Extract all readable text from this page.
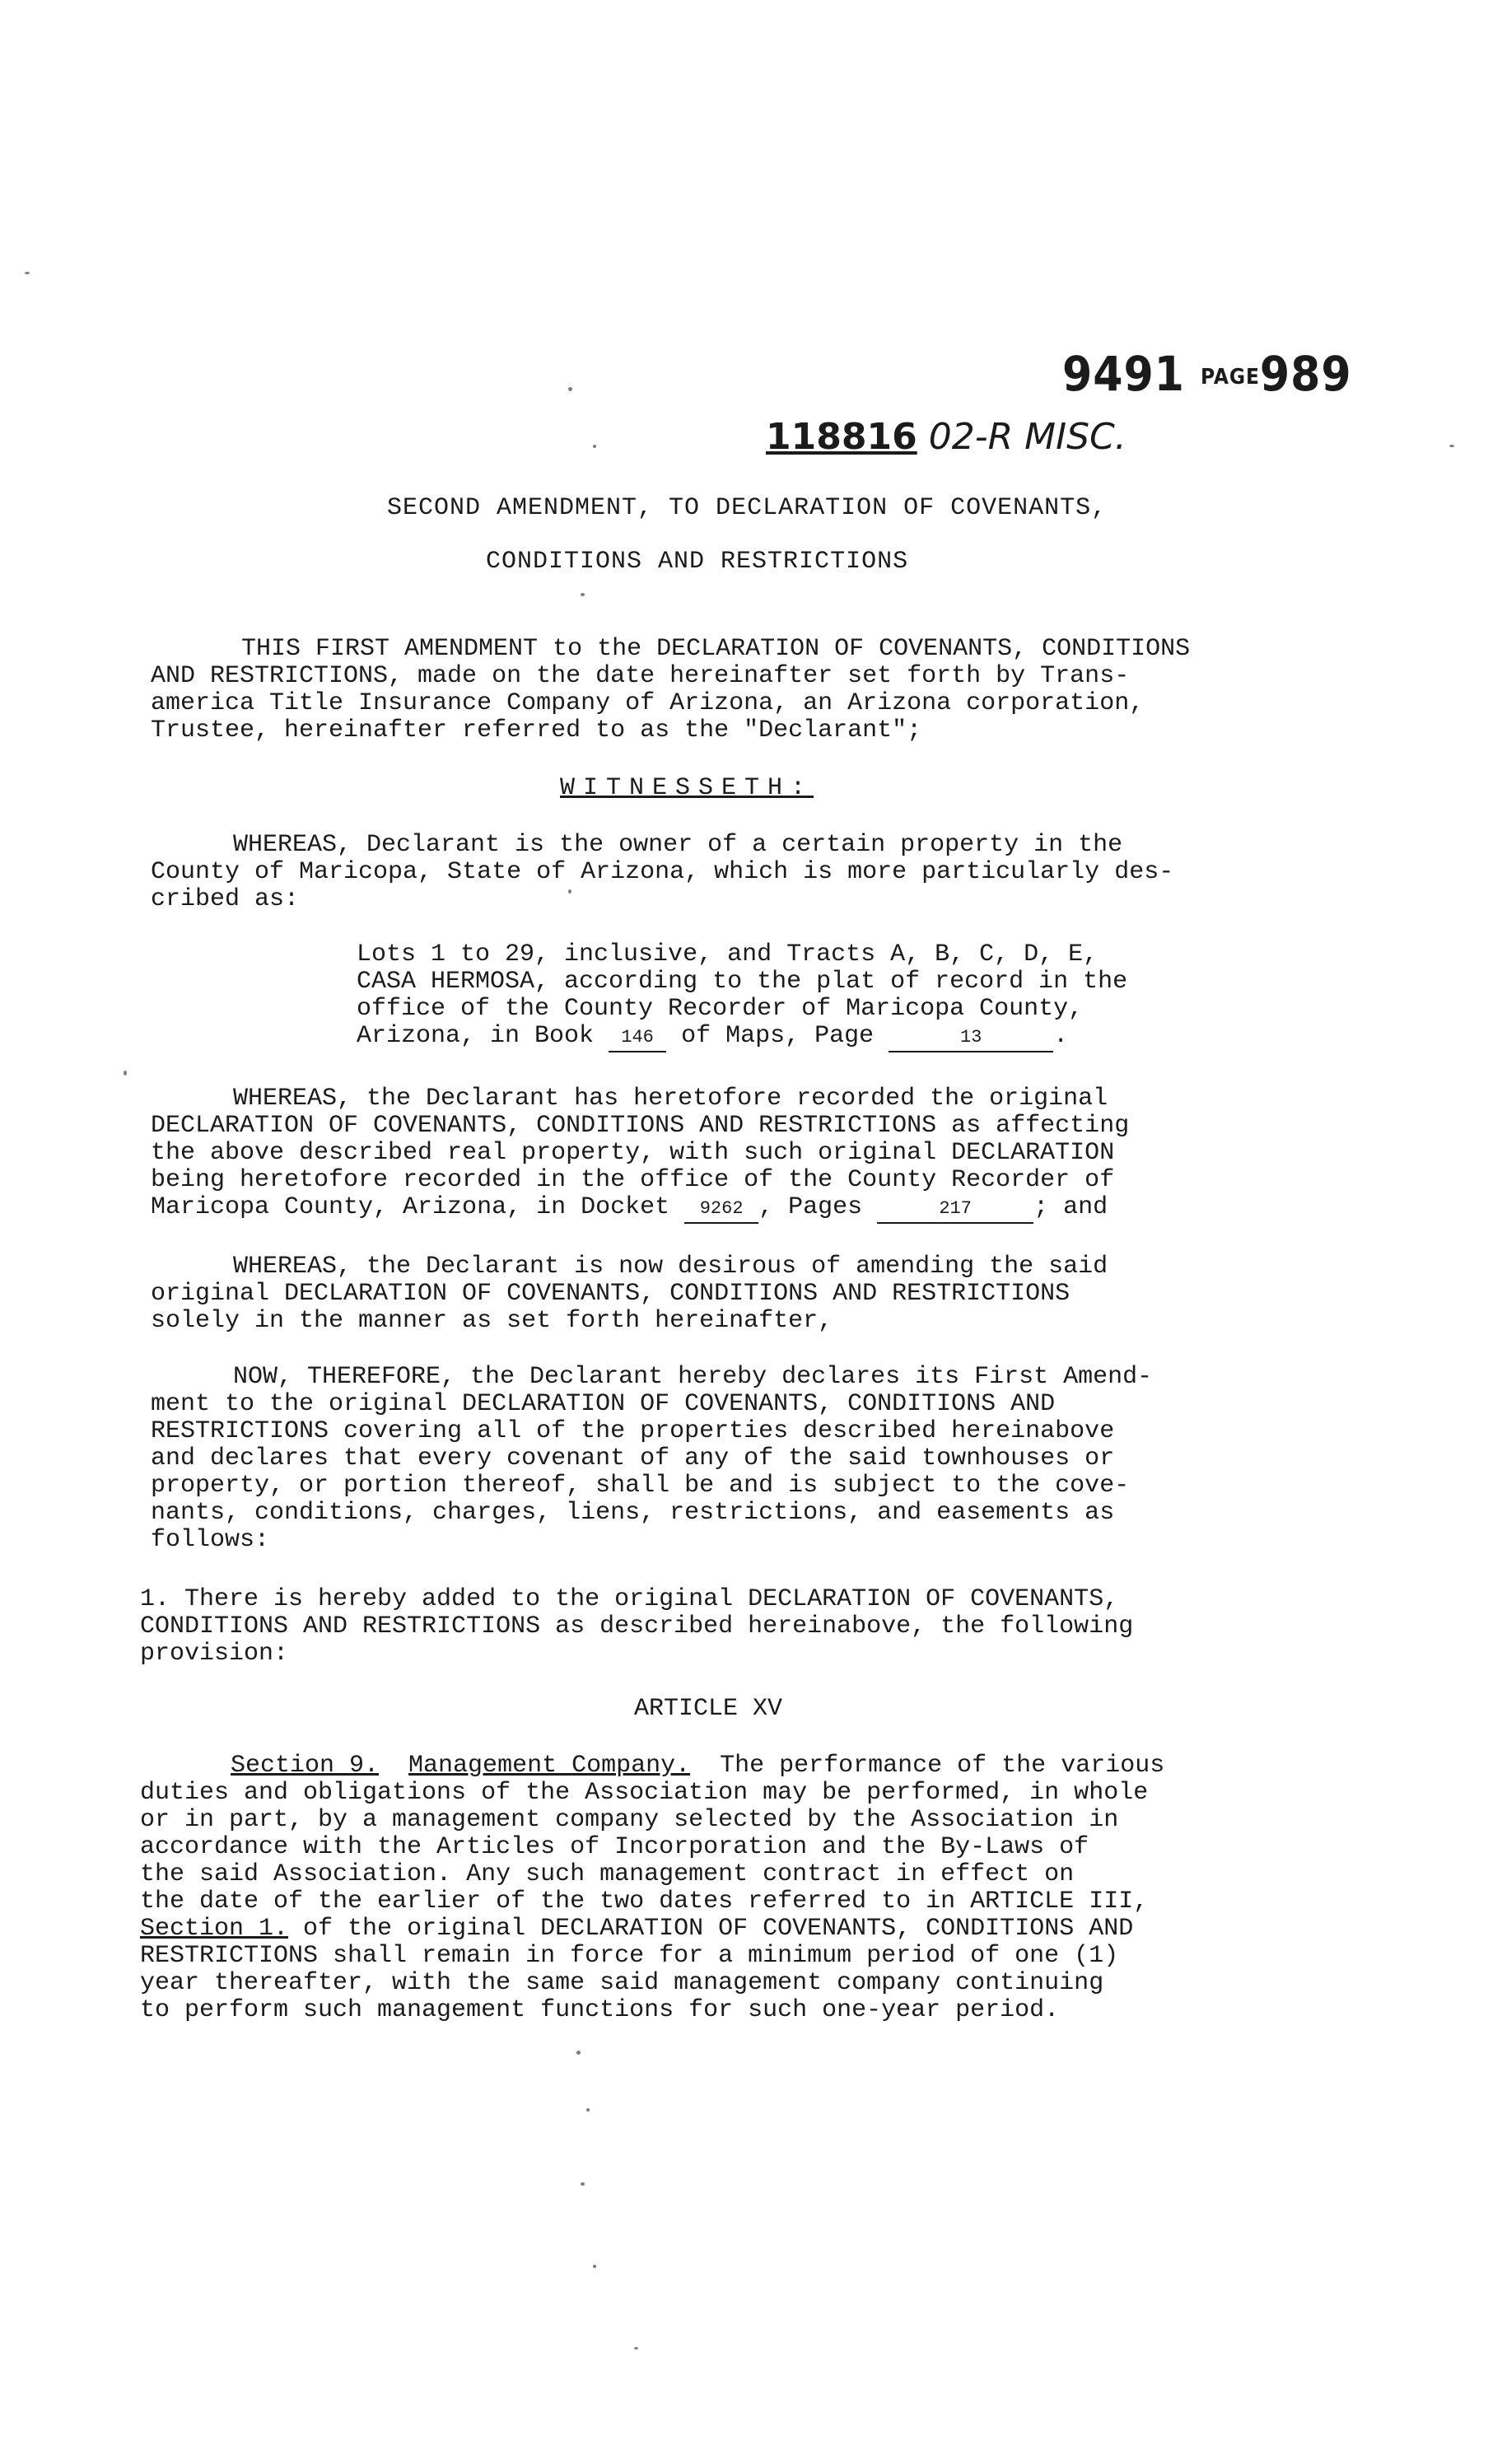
9491 PAGE989
118816 02-R MISC.
SECOND AMENDMENT, TO DECLARATION OF COVENANTS,
CONDITIONS AND RESTRICTIONS
THIS FIRST AMENDMENT to the DECLARATION OF COVENANTS, CONDITIONS
AND RESTRICTIONS, made on the date hereinafter set forth by Trans-
america Title Insurance Company of Arizona, an Arizona corporation,
Trustee, hereinafter referred to as the "Declarant";
WITNESSETH:
WHEREAS, Declarant is the owner of a certain property in the
County of Maricopa, State of Arizona, which is more particularly des-
cribed as:
Lots 1 to 29, inclusive, and Tracts A, B, C, D, E,
CASA HERMOSA, according to the plat of record in the
office of the County Recorder of Maricopa County,
Arizona, in Book 146 of Maps, Page	13	.
WHEREAS, the Declarant has heretofore recorded the original
DECLARATION OF COVENANTS, CONDITIONS AND RESTRICTIONS as affecting
the above described real property, with such original DECLARATION
being heretofore recorded in the office of the County Recorder of
Maricopa County, Arizona, in Docket 9262 , Pages	217	; and
WHEREAS, the Declarant is now desirous of amending the said
original DECLARATION OF COVENANTS, CONDITIONS AND RESTRICTIONS
solely in the manner as set forth hereinafter,
NOW, THEREFORE, the Declarant hereby declares its First Amend-
ment to the original DECLARATION OF COVENANTS, CONDITIONS AND
RESTRICTIONS covering all of the properties described hereinabove
and declares that every covenant of any of the said townhouses or
property, or portion thereof, shall be and is subject to the cove-
nants, conditions, charges, liens, restrictions, and easements as
follows:
1. There is hereby added to the original DECLARATION OF COVENANTS,
CONDITIONS AND RESTRICTIONS as described hereinabove, the following
provision:
ARTICLE XV
Section 9. Management Company. The performance of the various
duties and obligations of the Association may be performed, in whole
or in part, by a management company selected by the Association in
accordance with the Articles of Incorporation and the By-Laws of
the said Association. Any such management contract in effect on
the date of the earlier of the two dates referred to in ARTICLE III,
Section 1. of the original DECLARATION OF COVENANTS, CONDITIONS AND
RESTRICTIONS shall remain in force for a minimum period of one (1)
year thereafter, with the same said management company continuing
to perform such management functions for such one-year period.
